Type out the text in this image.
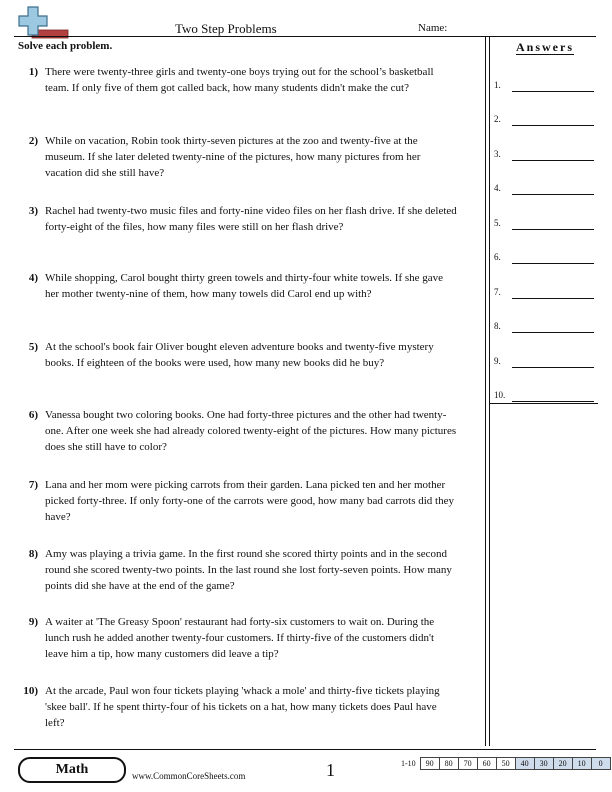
Two Step Problems	Name:
Solve each problem.	Answers
1.
2.
3.
4.
5.
6.
7.
8.
9.
10.
1) There were twenty-three girls and twenty-one boys trying out for the school’s basketball team. If only five of them got called back, how many students didn't make the cut?
2) While on vacation, Robin took thirty-seven pictures at the zoo and twenty-five at the museum. If she later deleted twenty-nine of the pictures, how many pictures from her vacation did she still have?
3) Rachel had twenty-two music files and forty-nine video files on her flash drive. If she deleted forty-eight of the files, how many files were still on her flash drive?
4) While shopping, Carol bought thirty green towels and thirty-four white towels. If she gave her mother twenty-nine of them, how many towels did Carol end up with?
5) At the school's book fair Oliver bought eleven adventure books and twenty-five mystery books. If eighteen of the books were used, how many new books did he buy?
6) Vanessa bought two coloring books. One had forty-three pictures and the other had twenty-one. After one week she had already colored twenty-eight of the pictures. How many pictures does she still have to color?
7) Lana and her mom were picking carrots from their garden. Lana picked ten and her mother picked forty-three. If only forty-one of the carrots were good, how many bad carrots did they have?
8) Amy was playing a trivia game. In the first round she scored thirty points and in the second round she scored twenty-two points. In the last round she lost forty-seven points. How many points did she have at the end of the game?
9) A waiter at 'The Greasy Spoon' restaurant had forty-six customers to wait on. During the lunch rush he added another twenty-four customers. If thirty-five of the customers didn't leave him a tip, how many customers did leave a tip?
10) At the arcade, Paul won four tickets playing 'whack a mole' and thirty-five tickets playing 'skee ball'. If he spent thirty-four of his tickets on a hat, how many tickets does Paul have left?
Math	www.CommonCoreSheets.com	1	1-10	90	80	70	60	50	40	30	20	10	0
